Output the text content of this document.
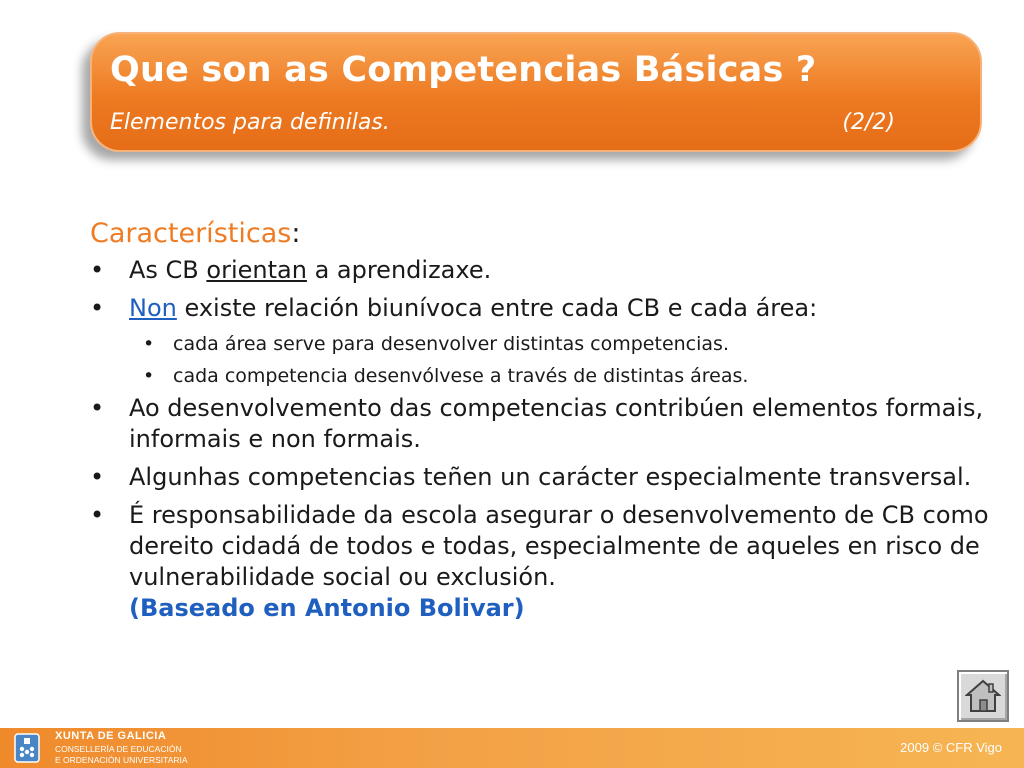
Que son as Competencias Básicas ?
Elementos para definilas.	(2/2)
Características:
• As CB orientan a aprendizaxe.
• Non existe relación biunívoca entre cada CB e cada área:
• cada área serve para desenvolver distintas competencias.
• cada competencia desenvólvese a través de distintas áreas.
• Ao desenvolvemento das competencias contribúen elementos formais, informais e non formais.
• Algunhas competencias teñen un carácter especialmente transversal.
• É responsabilidade da escola asegurar o desenvolvemento de CB como dereito cidadá de todos e todas, especialmente de aqueles en risco de vulnerabilidade social ou exclusión.
(Baseado en Antonio Bolivar)
XUNTA DE GALICIA
CONSELLERÍA DE EDUCACIÓN
E ORDENACIÓN UNIVERSITARIA
2009 © CFR Vigo
